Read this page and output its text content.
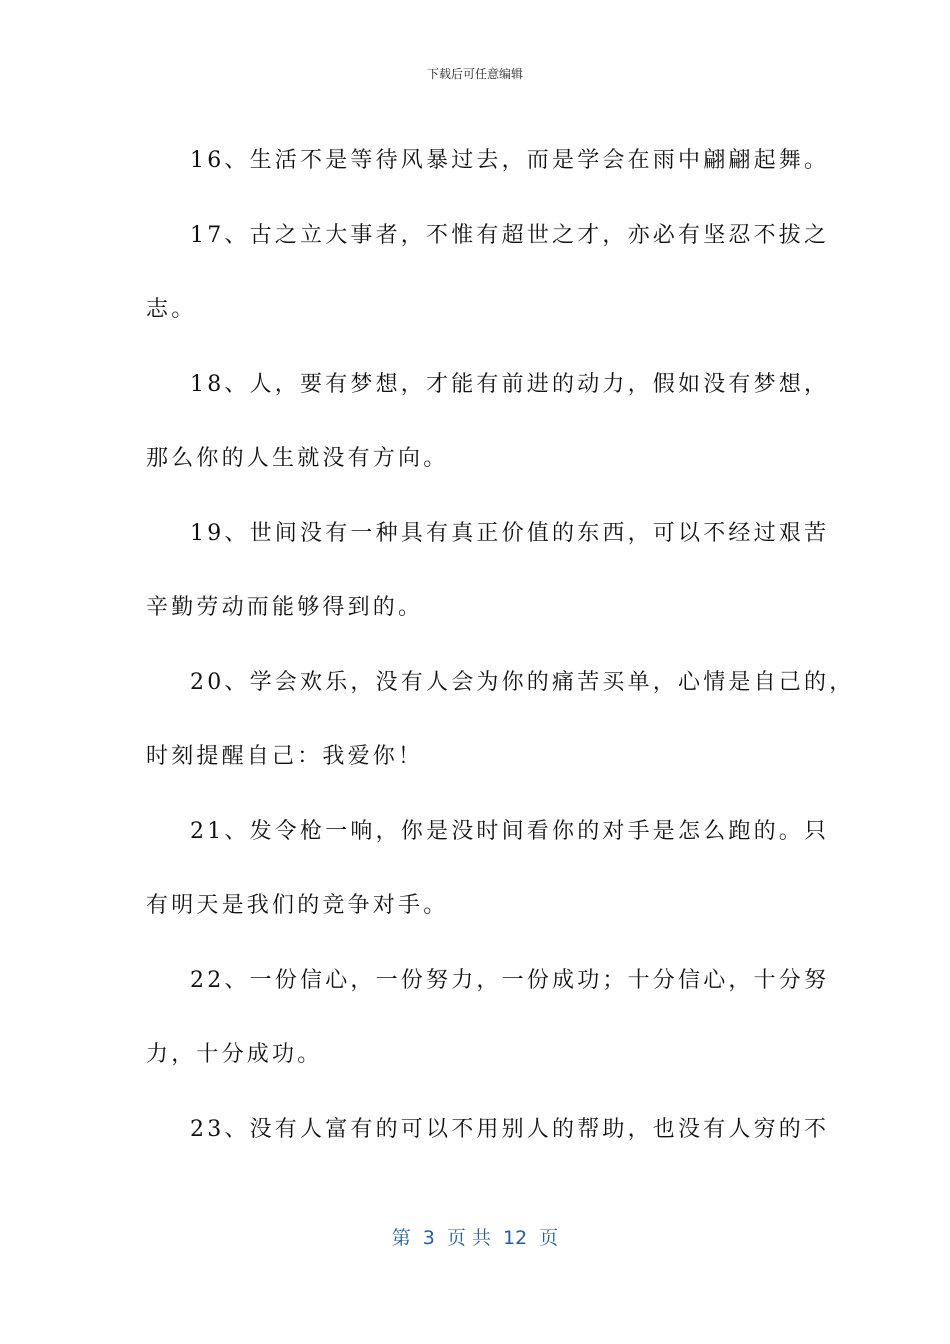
下载后可任意编辑

16、生活不是等待风暴过去，而是学会在雨中翩翩起舞。

17、古之立大事者，不惟有超世之才，亦必有坚忍不拔之
志。

18、人，要有梦想，才能有前进的动力，假如没有梦想，
那么你的人生就没有方向。

19、世间没有一种具有真正价值的东西，可以不经过艰苦
辛勤劳动而能够得到的。

20、学会欢乐，没有人会为你的痛苦买单，心情是自己的，
时刻提醒自己：我爱你！

21、发令枪一响，你是没时间看你的对手是怎么跑的。只
有明天是我们的竞争对手。

22、一份信心，一份努力，一份成功；十分信心，十分努
力，十分成功。

23、没有人富有的可以不用别人的帮助，也没有人穷的不

第  3  页 共  12  页
